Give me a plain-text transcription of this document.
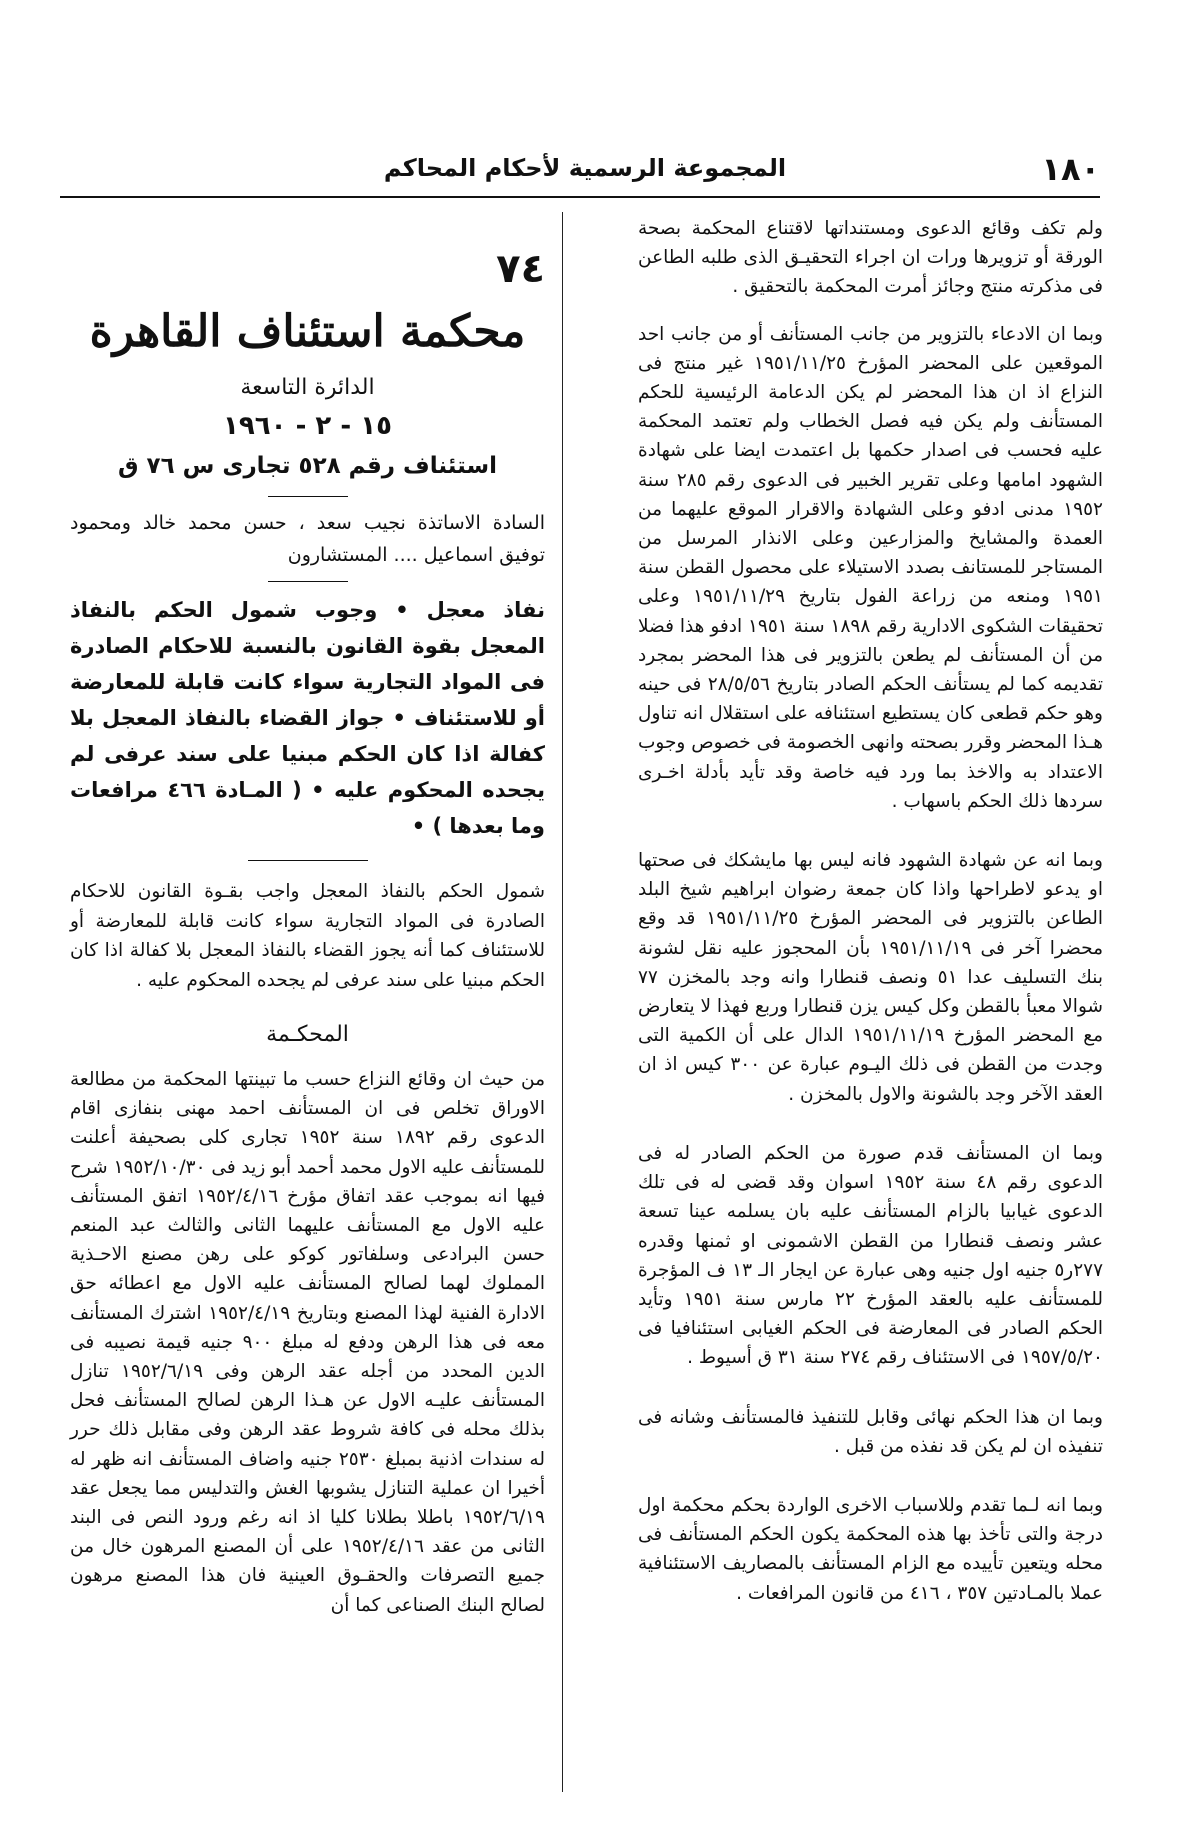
١٨٠
المجموعة الرسمية لأحكام المحاكم

ولم تكف وقائع الدعوى ومستنداتها لاقتناع المحكمة بصحة الورقة أو تزويرها ورات ان اجراء التحقيـق الذى طلبه الطاعن فى مذكرته منتج وجائز أمرت المحكمة بالتحقيق .

وبما ان الادعاء بالتزوير من جانب المستأنف أو من جانب احد الموقعين على المحضر المؤرخ ١٩٥١/١١/٢٥ غير منتج فى النزاع اذ ان هذا المحضر لم يكن الدعامة الرئيسية للحكم المستأنف ولم يكن فيه فصل الخطاب ولم تعتمد المحكمة عليه فحسب فى اصدار حكمها بل اعتمدت ايضا على شهادة الشهود امامها وعلى تقرير الخبير فى الدعوى رقم ٢٨٥ سنة ١٩٥٢ مدنى ادفو وعلى الشهادة والاقرار الموقع عليهما من العمدة والمشايخ والمزارعين وعلى الانذار المرسل من المستاجر للمستانف بصدد الاستيلاء على محصول القطن سنة ١٩٥١ ومنعه من زراعة الفول بتاريخ ١٩٥١/١١/٢٩ وعلى تحقيقات الشكوى الادارية رقم ١٨٩٨ سنة ١٩٥١ ادفو هذا فضلا من أن المستأنف لم يطعن بالتزوير فى هذا المحضر بمجرد تقديمه كما لم يستأنف الحكم الصادر بتاريخ ٢٨/٥/٥٦ فى حينه وهو حكم قطعى كان يستطيع استئنافه على استقلال انه تناول هـذا المحضر وقرر بصحته وانهى الخصومة فى خصوص وجوب الاعتداد به والاخذ بما ورد فيه خاصة وقد تأيد بأدلة اخـرى سردها ذلك الحكم باسهاب .

وبما انه عن شهادة الشهود فانه ليس بها مايشكك فى صحتها او يدعو لاطراحها واذا كان جمعة رضوان ابراهيم شيخ البلد الطاعن بالتزوير فى المحضر المؤرخ ١٩٥١/١١/٢٥ قد وقع محضرا آخر فى ١٩٥١/١١/١٩ بأن المحجوز عليه نقل لشونة بنك التسليف عدا ٥١ ونصف قنطارا وانه وجد بالمخزن ٧٧ شوالا معبأ بالقطن وكل كيس يزن قنطارا وربع فهذا لا يتعارض مع المحضر المؤرخ ١٩٥١/١١/١٩ الدال على أن الكمية التى وجدت من القطن فى ذلك اليـوم عبارة عن ٣٠٠ كيس اذ ان العقد الآخر وجد بالشونة والاول بالمخزن .

وبما ان المستأنف قدم صورة من الحكم الصادر له فى الدعوى رقم ٤٨ سنة ١٩٥٢ اسوان وقد قضى له فى تلك الدعوى غيابيا بالزام المستأنف عليه بان يسلمه عينا تسعة عشر ونصف قنطارا من القطن الاشمونى او ثمنها وقدره ٢٧٧ر٥ جنيه اول جنيه وهى عبارة عن ايجار الـ ١٣ ف المؤجرة للمستأنف عليه بالعقد المؤرخ ٢٢ مارس سنة ١٩٥١ وتأيد الحكم الصادر فى المعارضة فى الحكم الغيابى استئنافيا فى ١٩٥٧/٥/٢٠ فى الاستئناف رقم ٢٧٤ سنة ٣١ ق أسيوط .

وبما ان هذا الحكم نهائى وقابل للتنفيذ فالمستأنف وشانه فى تنفيذه ان لم يكن قد نفذه من قبل .

وبما انه لـما تقدم وللاسباب الاخرى الواردة بحكم محكمة اول درجة والتى تأخذ بها هذه المحكمة يكون الحكم المستأنف فى محله ويتعين تأييده مع الزام المستأنف بالمصاريف الاستئنافية عملا بالمـادتين ٣٥٧ ، ٤١٦ من قانون المرافعات .

٧٤
محكمة استئناف القاهرة
الدائرة التاسعة
١٥ - ٢ - ١٩٦٠
استئناف رقم ٥٢٨ تجارى س ٧٦ ق

السادة الاساتذة نجيب سعد ، حسن محمد خالد ومحمود توفيق اسماعيل .... المستشارون

نفاذ معجل • وجوب شمول الحكم بالنفاذ المعجل بقوة القانون بالنسبة للاحكام الصادرة فى المواد التجارية سواء كانت قابلة للمعارضة أو للاستئناف • جواز القضاء بالنفاذ المعجل بلا كفالة اذا كان الحكم مبنيا على سند عرفى لم يجحده المحكوم عليه • ( المـادة ٤٦٦ مرافعات وما بعدها ) •

شمول الحكم بالنفاذ المعجل واجب بقـوة القانون للاحكام الصادرة فى المواد التجارية سواء كانت قابلة للمعارضة أو للاستئناف كما أنه يجوز القضاء بالنفاذ المعجل بلا كفالة اذا كان الحكم مبنيا على سند عرفى لم يجحده المحكوم عليه .

المحكـمة

من حيث ان وقائع النزاع حسب ما تبينتها المحكمة من مطالعة الاوراق تخلص فى ان المستأنف احمد مهنى بنفازى اقام الدعوى رقم ١٨٩٢ سنة ١٩٥٢ تجارى كلى بصحيفة أعلنت للمستأنف عليه الاول محمد أحمد أبو زيد فى ١٩٥٢/١٠/٣٠ شرح فيها انه بموجب عقد اتفاق مؤرخ ١٩٥٢/٤/١٦ اتفق المستأنف عليه الاول مع المستأنف عليهما الثانى والثالث عبد المنعم حسن البرادعى وسلفاتور كوكو على رهن مصنع الاحـذية المملوك لهما لصالح المستأنف عليه الاول مع اعطائه حق الادارة الفنية لهذا المصنع وبتاريخ ١٩٥٢/٤/١٩ اشترك المستأنف معه فى هذا الرهن ودفع له مبلغ ٩٠٠ جنيه قيمة نصيبه فى الدين المحدد من أجله عقد الرهن وفى ١٩٥٢/٦/١٩ تنازل المستأنف عليـه الاول عن هـذا الرهن لصالح المستأنف فحل بذلك محله فى كافة شروط عقد الرهن وفى مقابل ذلك حرر له سندات اذنية بمبلغ ٢٥٣٠ جنيه واضاف المستأنف انه ظهر له أخيرا ان عملية التنازل يشوبها الغش والتدليس مما يجعل عقد ١٩٥٢/٦/١٩ باطلا بطلانا كليا اذ انه رغم ورود النص فى البند الثانى من عقد ١٩٥٢/٤/١٦ على أن المصنع المرهون خال من جميع التصرفات والحقـوق العينية فان هذا المصنع مرهون لصالح البنك الصناعى كما أن
